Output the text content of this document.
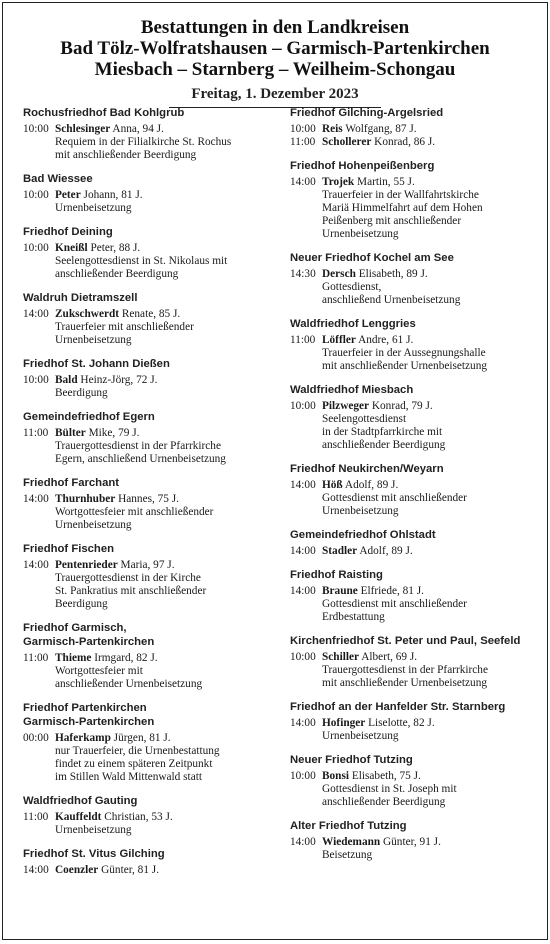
Bestattungen in den Landkreisen
Bad Tölz-Wolfratshausen – Garmisch-Partenkirchen
Miesbach – Starnberg – Weilheim-Schongau
Freitag, 1. Dezember 2023
Rochusfriedhof Bad Kohlgrub
10:00 Schlesinger Anna, 94 J.
Requiem in der Filialkirche St. Rochus
mit anschließender Beerdigung
Bad Wiessee
10:00 Peter Johann, 81 J.
Urnenbeisetzung
Friedhof Deining
10:00 Kneißl Peter, 88 J.
Seelengottesdienst in St. Nikolaus mit
anschließender Beerdigung
Waldruh Dietramszell
14:00 Zukschwerdt Renate, 85 J.
Trauerfeier mit anschließender
Urnenbeisetzung
Friedhof St. Johann Dießen
10:00 Bald Heinz-Jörg, 72 J.
Beerdigung
Gemeindefriedhof Egern
11:00 Bülter Mike, 79 J.
Trauergottesdienst in der Pfarrkirche
Egern, anschließend Urnenbeisetzung
Friedhof Farchant
14:00 Thurnhuber Hannes, 75 J.
Wortgottesfeier mit anschließender
Urnenbeisetzung
Friedhof Fischen
14:00 Pentenrieder Maria, 97 J.
Trauergottesdienst in der Kirche
St. Pankratius mit anschließender
Beerdigung
Friedhof Garmisch,
Garmisch-Partenkirchen
11:00 Thieme Irmgard, 82 J.
Wortgottesfeier mit
anschließender Urnenbeisetzung
Friedhof Partenkirchen
Garmisch-Partenkirchen
00:00 Haferkamp Jürgen, 81 J.
nur Trauerfeier, die Urnenbestattung
findet zu einem späteren Zeitpunkt
im Stillen Wald Mittenwald statt
Waldfriedhof Gauting
11:00 Kauffeldt Christian, 53 J.
Urnenbeisetzung
Friedhof St. Vitus Gilching
14:00 Coenzler Günter, 81 J.
Friedhof Gilching-Argelsried
10:00 Reis Wolfgang, 87 J.
11:00 Schollerer Konrad, 86 J.
Friedhof Hohenpeißenberg
14:00 Trojek Martin, 55 J.
Trauerfeier in der Wallfahrtskirche
Mariä Himmelfahrt auf dem Hohen
Peißenberg mit anschließender
Urnenbeisetzung
Neuer Friedhof Kochel am See
14:30 Dersch Elisabeth, 89 J.
Gottesdienst,
anschließend Urnenbeisetzung
Waldfriedhof Lenggries
11:00 Löffler Andre, 61 J.
Trauerfeier in der Aussegnungshalle
mit anschließender Urnenbeisetzung
Waldfriedhof Miesbach
10:00 Pilzweger Konrad, 79 J.
Seelengottesdienst
in der Stadtpfarrkirche mit
anschließender Beerdigung
Friedhof Neukirchen/Weyarn
14:00 Höß Adolf, 89 J.
Gottesdienst mit anschließender
Urnenbeisetzung
Gemeindefriedhof Ohlstadt
14:00 Stadler Adolf, 89 J.
Friedhof Raisting
14:00 Braune Elfriede, 81 J.
Gottesdienst mit anschließender
Erdbestattung
Kirchenfriedhof St. Peter und Paul, Seefeld
10:00 Schiller Albert, 69 J.
Trauergottesdienst in der Pfarrkirche
mit anschließender Urnenbeisetzung
Friedhof an der Hanfelder Str. Starnberg
14:00 Hofinger Liselotte, 82 J.
Urnenbeisetzung
Neuer Friedhof Tutzing
10:00 Bonsi Elisabeth, 75 J.
Gottesdienst in St. Joseph mit
anschließender Beerdigung
Alter Friedhof Tutzing
14:00 Wiedemann Günter, 91 J.
Beisetzung
